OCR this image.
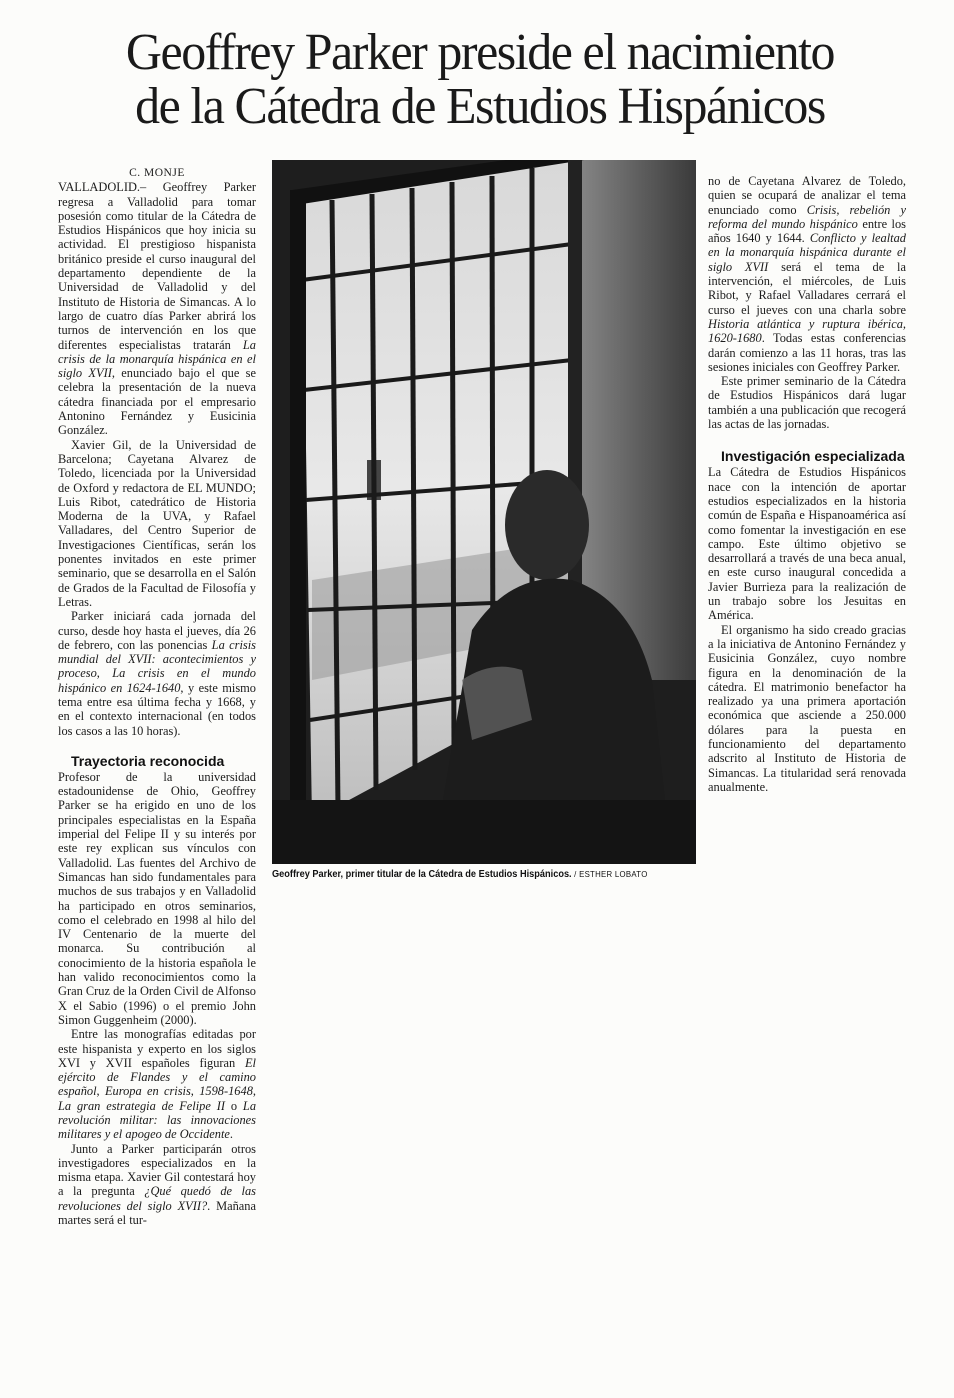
Geoffrey Parker preside el nacimiento
de la Cátedra de Estudios Hispánicos

C. MONJE

VALLADOLID.– Geoffrey Parker regresa a Valladolid para tomar posesión como titular de la Cátedra de Estudios Hispánicos que hoy inicia su actividad. El prestigioso hispanista británico preside el curso inaugural del departamento dependiente de la Universidad de Valladolid y del Instituto de Historia de Simancas. A lo largo de cuatro días Parker abrirá los turnos de intervención en los que diferentes especialistas tratarán La crisis de la monarquía hispánica en el siglo XVII, enunciado bajo el que se celebra la presentación de la nueva cátedra financiada por el empresario Antonino Fernández y Eusicinia González.

Xavier Gil, de la Universidad de Barcelona; Cayetana Alvarez de Toledo, licenciada por la Universidad de Oxford y redactora de EL MUNDO; Luis Ribot, catedrático de Historia Moderna de la UVA, y Rafael Valladares, del Centro Superior de Investigaciones Científicas, serán los ponentes invitados en este primer seminario, que se desarrolla en el Salón de Grados de la Facultad de Filosofía y Letras.

Parker iniciará cada jornada del curso, desde hoy hasta el jueves, día 26 de febrero, con las ponencias La crisis mundial del XVII: acontecimientos y proceso, La crisis en el mundo hispánico en 1624-1640, y este mismo tema entre esa última fecha y 1668, y en el contexto internacional (en todos los casos a las 10 horas).

Trayectoria reconocida

Profesor de la universidad estadounidense de Ohio, Geoffrey Parker se ha erigido en uno de los principales especialistas en la España imperial del Felipe II y su interés por este rey explican sus vínculos con Valladolid. Las fuentes del Archivo de Simancas han sido fundamentales para muchos de sus trabajos y en Valladolid ha participado en otros seminarios, como el celebrado en 1998 al hilo del IV Centenario de la muerte del monarca. Su contribución al conocimiento de la historia española le han valido reconocimientos como la Gran Cruz de la Orden Civil de Alfonso X el Sabio (1996) o el premio John Simon Guggenheim (2000).

Entre las monografías editadas por este hispanista y experto en los siglos XVI y XVII españoles figuran El ejército de Flandes y el camino español, Europa en crisis, 1598-1648, La gran estrategia de Felipe II o La revolución militar: las innovaciones militares y el apogeo de Occidente.

Junto a Parker participarán otros investigadores especializados en la misma etapa. Xavier Gil contestará hoy a la pregunta ¿Qué quedó de las revoluciones del siglo XVII?. Mañana martes será el tur-

Geoffrey Parker, primer titular de la Cátedra de Estudios Hispánicos. / ESTHER LOBATO

no de Cayetana Alvarez de Toledo, quien se ocupará de analizar el tema enunciado como Crisis, rebelión y reforma del mundo hispánico entre los años 1640 y 1644. Conflicto y lealtad en la monarquía hispánica durante el siglo XVII será el tema de la intervención, el miércoles, de Luis Ribot, y Rafael Valladares cerrará el curso el jueves con una charla sobre Historia atlántica y ruptura ibérica, 1620-1680. Todas estas conferencias darán comienzo a las 11 horas, tras las sesiones iniciales con Geoffrey Parker.

Este primer seminario de la Cátedra de Estudios Hispánicos dará lugar también a una publicación que recogerá las actas de las jornadas.

Investigación especializada

La Cátedra de Estudios Hispánicos nace con la intención de aportar estudios especializados en la historia común de España e Hispanoamérica así como fomentar la investigación en ese campo. Este último objetivo se desarrollará a través de una beca anual, en este curso inaugural concedida a Javier Burrieza para la realización de un trabajo sobre los Jesuitas en América.

El organismo ha sido creado gracias a la iniciativa de Antonino Fernández y Eusicinia González, cuyo nombre figura en la denominación de la cátedra. El matrimonio benefactor ha realizado ya una primera aportación económica que asciende a 250.000 dólares para la puesta en funcionamiento del departamento adscrito al Instituto de Historia de Simancas. La titularidad será renovada anualmente.
